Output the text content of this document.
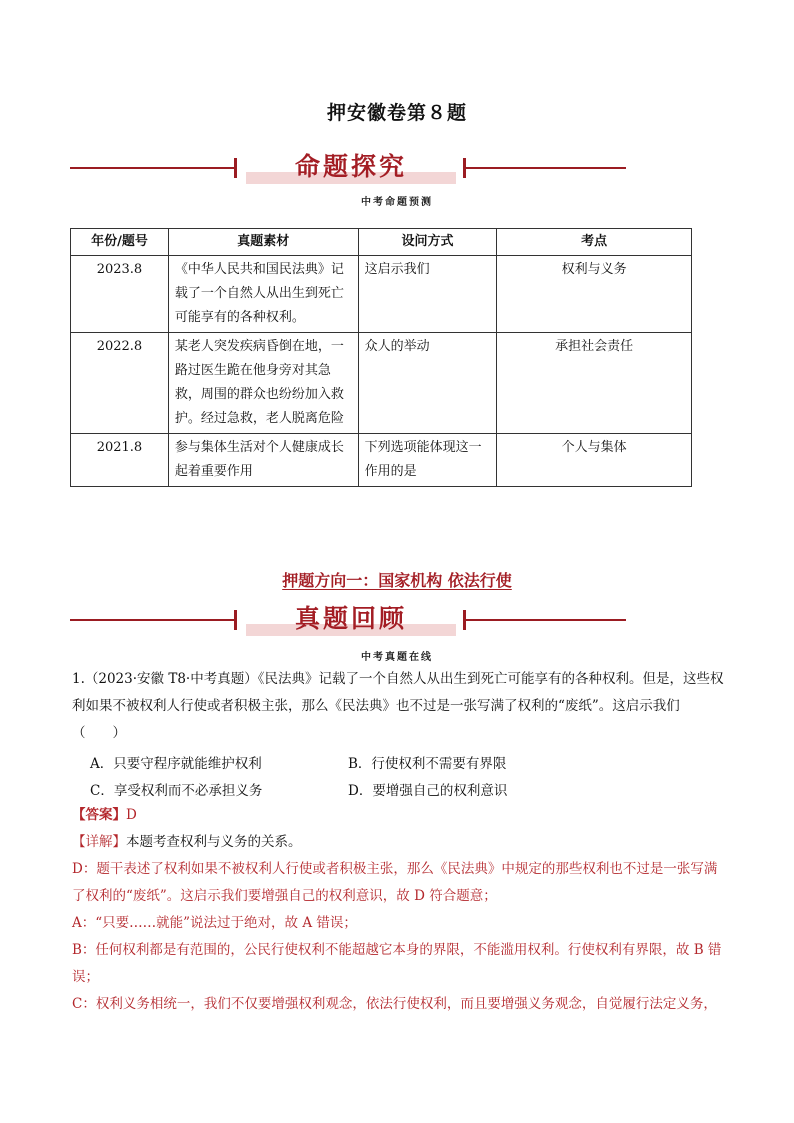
押安徽卷第８题
命题探究
中考命题预测
年份/题号	真题素材	设问方式	考点
2023.8	《中华人民共和国民法典》记载了一个自然人从出生到死亡可能享有的各种权利。	这启示我们	权利与义务
2022.8	某老人突发疾病昏倒在地，一路过医生跪在他身旁对其急救，周围的群众也纷纷加入救护。经过急救，老人脱离危险	众人的举动	承担社会责任
2021.8	参与集体生活对个人健康成长起着重要作用	下列选项能体现这一作用的是	个人与集体
押题方向一：国家机构 依法行使
真题回顾
中考真题在线
1.（2023·安徽 T8·中考真题）《民法典》记载了一个自然人从出生到死亡可能享有的各种权利。但是，这些权利如果不被权利人行使或者积极主张，那么《民法典》也不过是一张写满了权利的“废纸”。这启示我们（　　）
A．只要守程序就能维护权利	B．行使权利不需要有界限
C．享受权利而不必承担义务	D．要增强自己的权利意识
【答案】D
【详解】本题考查权利与义务的关系。
D：题干表述了权利如果不被权利人行使或者积极主张，那么《民法典》中规定的那些权利也不过是一张写满了权利的“废纸”。这启示我们要增强自己的权利意识，故 D 符合题意；
A：“只要……就能”说法过于绝对，故 A 错误；
B：任何权利都是有范围的，公民行使权利不能超越它本身的界限，不能滥用权利。行使权利有界限，故 B 错误；
C：权利义务相统一，我们不仅要增强权利观念，依法行使权利，而且要增强义务观念，自觉履行法定义务，
